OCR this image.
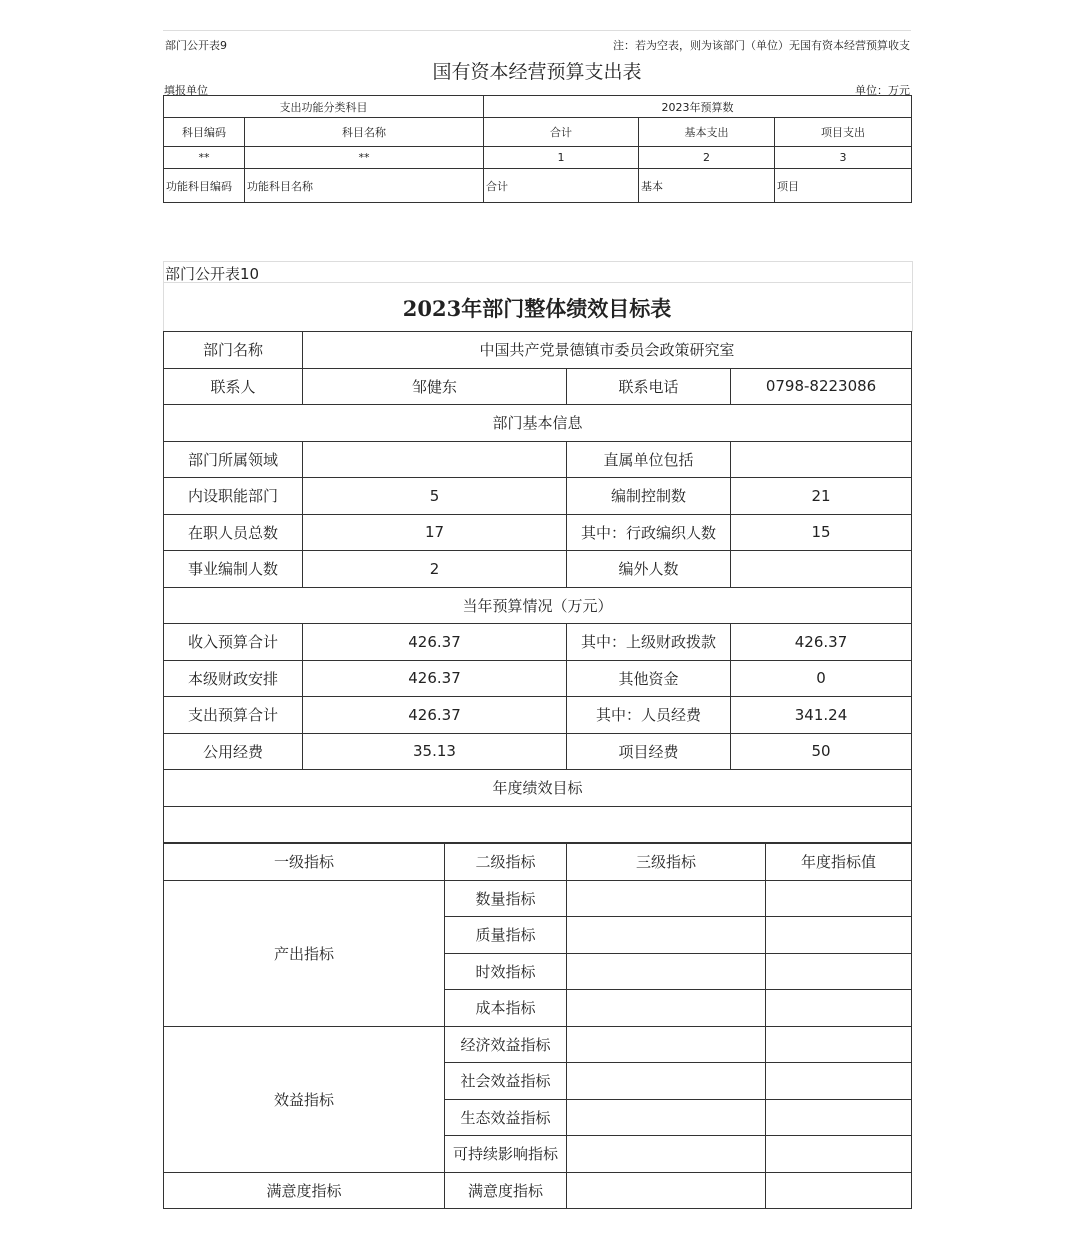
部门公开表9	注：若为空表，则为该部门（单位）无国有资本经营预算收支
国有资本经营预算支出表
填报单位	单位：万元
支出功能分类科目		2023年预算数		
科目编码	科目名称	合计	基本支出	项目支出
**	**	1	2	3
功能科目编码	功能科目名称	合计	基本	项目
部门公开表10
2023年部门整体绩效目标表
部门名称	中国共产党景德镇市委员会政策研究室		
联系人	邹健东	联系电话	0798-8223086
部门基本信息			
部门所属领域		直属单位包括	
内设职能部门	5	编制控制数	21
在职人员总数	17	其中：行政编织人数	15
事业编制人数	2	编外人数	
当年预算情况（万元）			
收入预算合计	426.37	其中：上级财政拨款	426.37
本级财政安排	426.37	其他资金	0
支出预算合计	426.37	其中：人员经费	341.24
公用经费	35.13	项目经费	50
年度绩效目标			

一级指标	二级指标	三级指标	年度指标值
产出指标	数量指标		
	质量指标		
	时效指标		
	成本指标		
效益指标	经济效益指标		
	社会效益指标		
	生态效益指标		
	可持续影响指标		
满意度指标	满意度指标		
